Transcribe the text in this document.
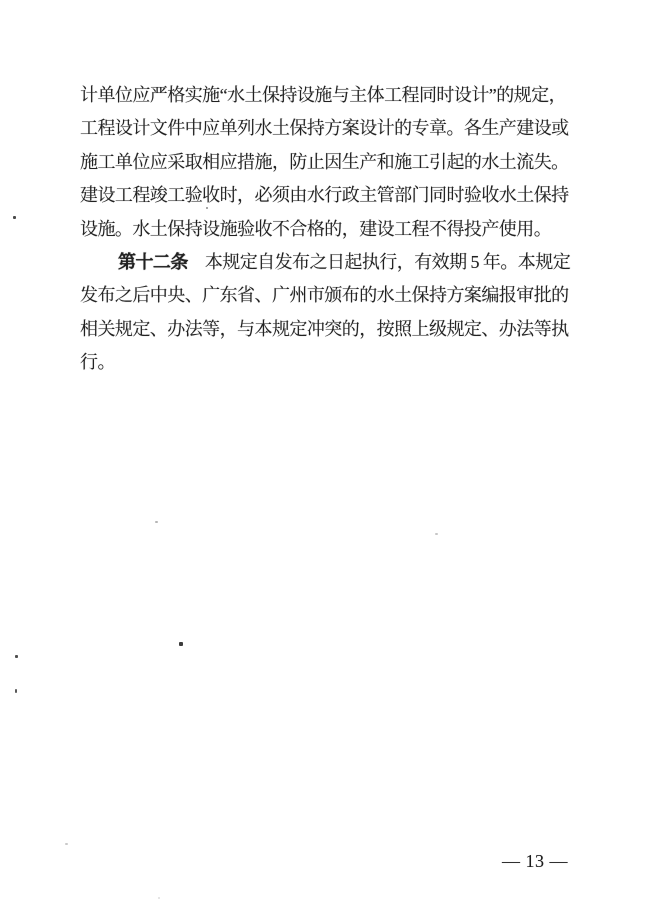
计单位应严格实施“水土保持设施与主体工程同时设计”的规定，
工程设计文件中应单列水土保持方案设计的专章。各生产建设或
施工单位应采取相应措施，防止因生产和施工引起的水土流失。
建设工程竣工验收时，必须由水行政主管部门同时验收水土保持
设施。水土保持设施验收不合格的，建设工程不得投产使用。
第十二条 本规定自发布之日起执行，有效期 5 年。本规定
发布之后中央、广东省、广州市颁布的水土保持方案编报审批的
相关规定、办法等，与本规定冲突的，按照上级规定、办法等执
行。
— 13 —
